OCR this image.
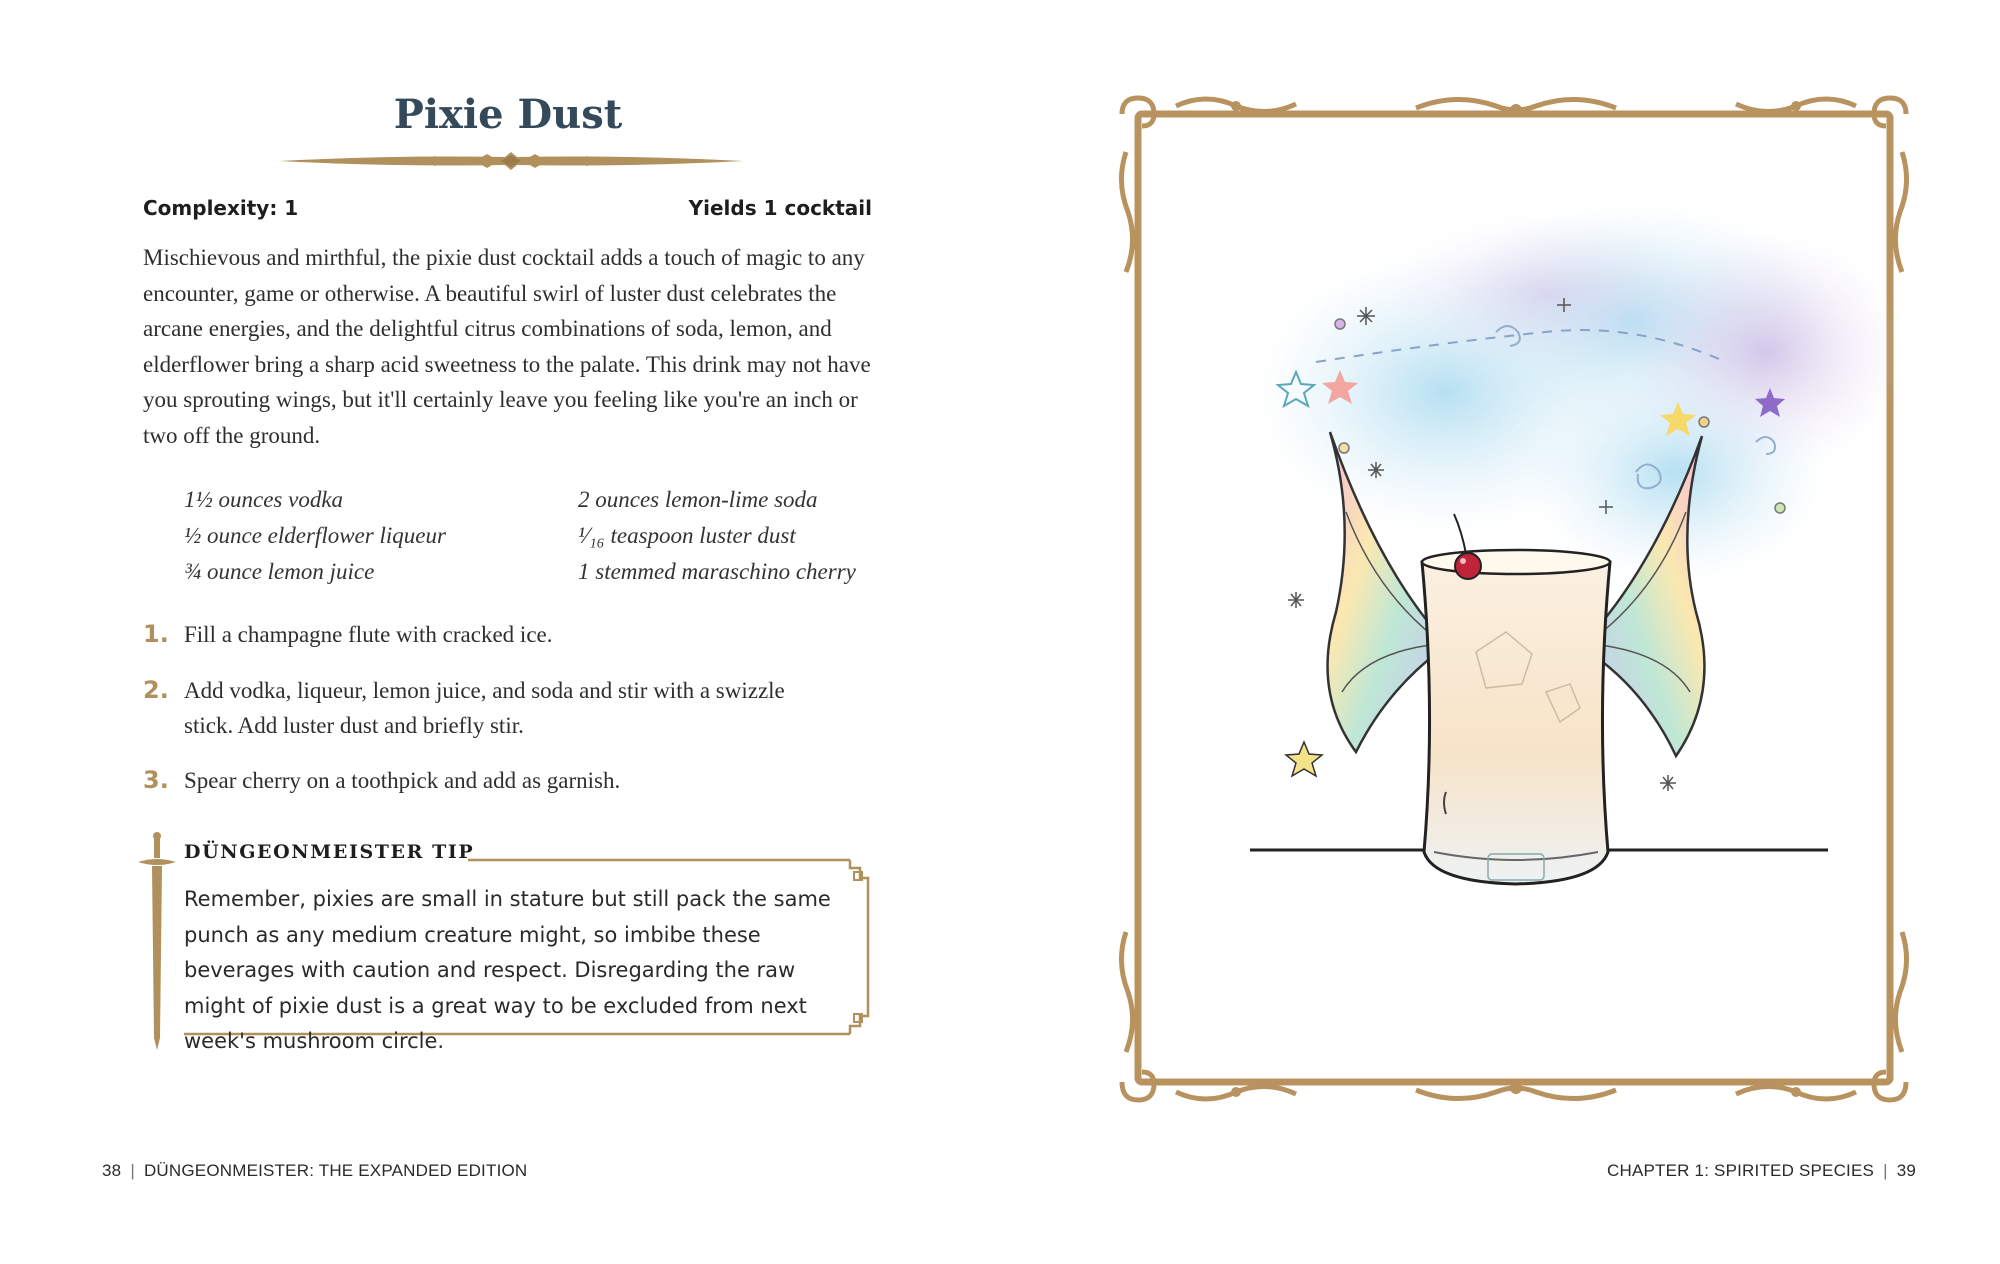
Pixie Dust
Complexity: 1	Yields 1 cocktail

Mischievous and mirthful, the pixie dust cocktail adds a touch of magic to any encounter, game or otherwise. A beautiful swirl of luster dust celebrates the arcane energies, and the delightful citrus combinations of soda, lemon, and elderflower bring a sharp acid sweetness to the palate. This drink may not have you sprouting wings, but it'll certainly leave you feeling like you're an inch or two off the ground.

1½ ounces vodka
½ ounce elderflower liqueur
¾ ounce lemon juice
2 ounces lemon-lime soda
¹⁄₁₆ teaspoon luster dust
1 stemmed maraschino cherry
1. Fill a champagne flute with cracked ice.
2. Add vodka, liqueur, lemon juice, and soda and stir with a swizzle stick. Add luster dust and briefly stir.
3. Spear cherry on a toothpick and add as garnish.
DÜNGEONMEISTER TIP

Remember, pixies are small in stature but still pack the same punch as any medium creature might, so imbibe these beverages with caution and respect. Disregarding the raw might of pixie dust is a great way to be excluded from next week's mushroom circle.

38 | DÜNGEONMEISTER: THE EXPANDED EDITION	CHAPTER 1: SPIRITED SPECIES | 39
